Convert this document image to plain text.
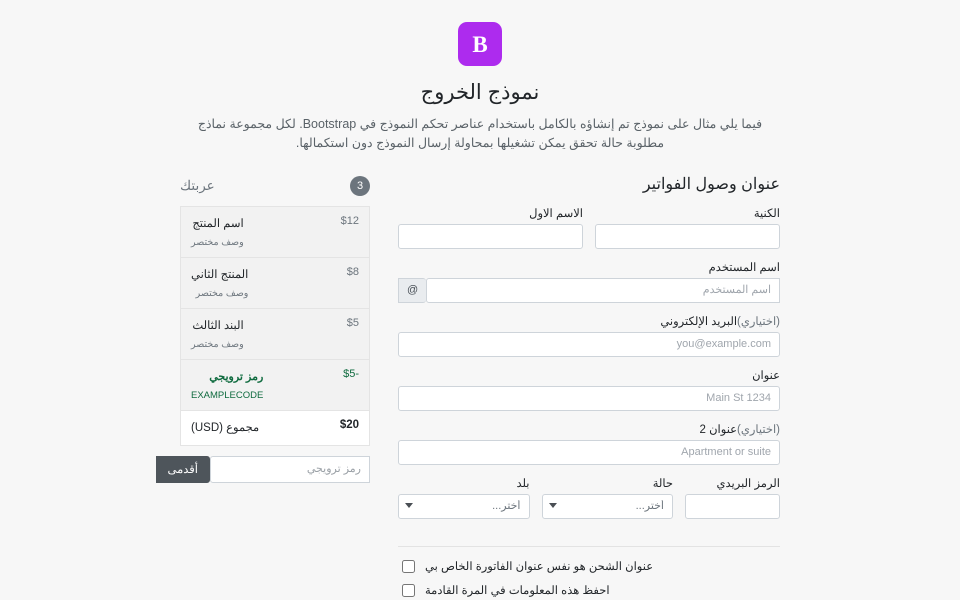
B
نموذج الخروج

فيما يلي مثال على نموذج تم إنشاؤه بالكامل باستخدام عناصر تحكم النموذج في Bootstrap. لكل مجموعة نماذج مطلوبة حالة تحقق يمكن تشغيلها بمحاولة إرسال النموذج دون استكمالها.

3
عربتك
$12
اسم المنتج
وصف مختصر
$8
المنتج الثاني
وصف مختصر
$5
البند الثالث
وصف مختصر
-$5
رمز ترويجي
EXAMPLECODE
$20
مجموع (USD)
رمز ترويجي
أقدمى
عنوان وصول الفواتير
الكنية
الاسم الاول
اسم المستخدم
اسم المستخدم
@
(اختياري)البريد الإلكتروني
you@example.com
عنوان
Main St 1234
(اختياري)عنوان 2
Apartment or suite
الرمز البريدي
حالة
أختر...
بلد
أختر...
عنوان الشحن هو نفس عنوان الفاتورة الخاص بي
احفظ هذه المعلومات في المرة القادمة
